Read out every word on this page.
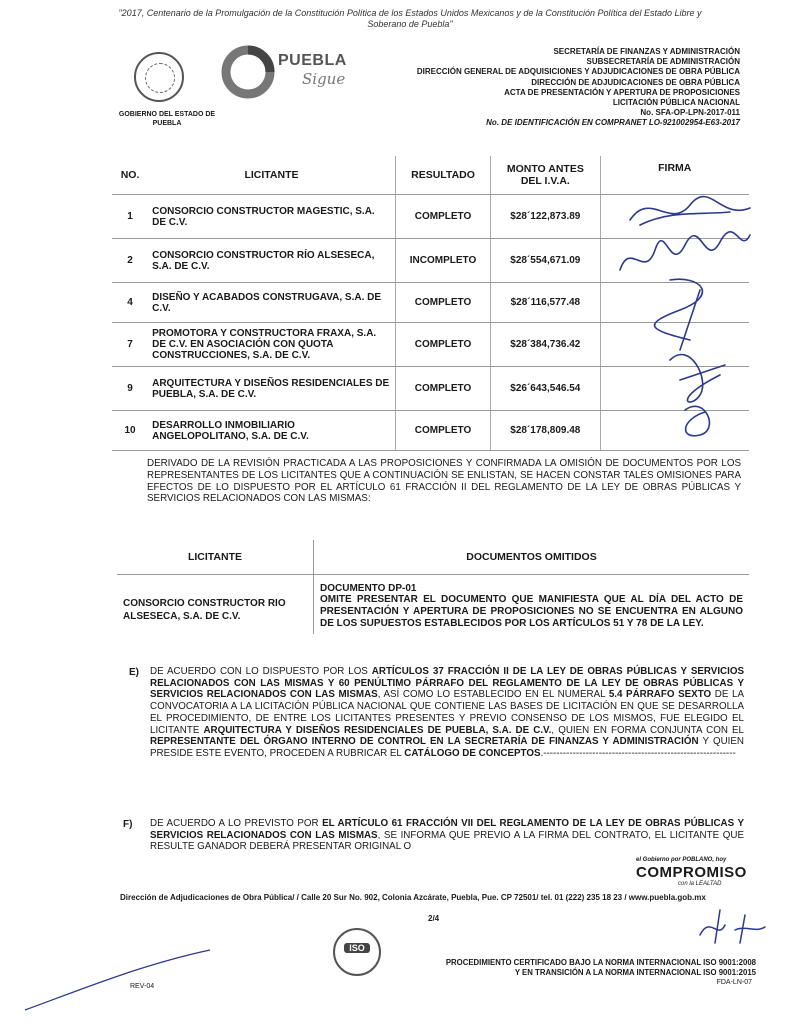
"2017, Centenario de la Promulgación de la Constitución Política de los Estados Unidos Mexicanos y de la Constitución Política del Estado Libre y Soberano de Puebla"
GOBIERNO DEL ESTADO DE PUEBLA
PUEBLA
Sigue
SECRETARÍA DE FINANZAS Y ADMINISTRACIÓN
SUBSECRETARÍA DE ADMINISTRACIÓN
DIRECCIÓN GENERAL DE ADQUISICIONES Y ADJUDICACIONES DE OBRA PÚBLICA
DIRECCIÓN DE ADJUDICACIONES DE OBRA PÚBLICA
ACTA DE PRESENTACIÓN Y APERTURA DE PROPOSICIONES
LICITACIÓN PÚBLICA NACIONAL
No. SFA-OP-LPN-2017-011
No. DE IDENTIFICACIÓN EN COMPRANET LO-921002954-E63-2017
NO.	LICITANTE	RESULTADO	MONTO ANTES DEL I.V.A.	FIRMA
1	CONSORCIO CONSTRUCTOR MAGESTIC, S.A. DE C.V.	COMPLETO	$28´122,873.89	
2	CONSORCIO CONSTRUCTOR RÍO ALSESECA, S.A. DE C.V.	INCOMPLETO	$28´554,671.09	
4	DISEÑO Y ACABADOS CONSTRUGAVA, S.A. DE C.V.	COMPLETO	$28´116,577.48	
7	PROMOTORA Y CONSTRUCTORA FRAXA, S.A. DE C.V. EN ASOCIACIÓN CON QUOTA CONSTRUCCIONES, S.A. DE C.V.	COMPLETO	$28´384,736.42	
9	ARQUITECTURA Y DISEÑOS RESIDENCIALES DE PUEBLA, S.A. DE C.V.	COMPLETO	$26´643,546.54	
10	DESARROLLO INMOBILIARIO ANGELOPOLITANO, S.A. DE C.V.	COMPLETO	$28´178,809.48	
DERIVADO DE LA REVISIÓN PRACTICADA A LAS PROPOSICIONES Y CONFIRMADA LA OMISIÓN DE DOCUMENTOS POR LOS REPRESENTANTES DE LOS LICITANTES QUE A CONTINUACIÓN SE ENLISTAN, SE HACEN CONSTAR TALES OMISIONES PARA EFECTOS DE LO DISPUESTO POR EL ARTÍCULO 61 FRACCIÓN II DEL REGLAMENTO DE LA LEY DE OBRAS PÚBLICAS Y SERVICIOS RELACIONADOS CON LAS MISMAS:
LICITANTE	DOCUMENTOS OMITIDOS
CONSORCIO CONSTRUCTOR RIO ALSESECA, S.A. DE C.V.	DOCUMENTO DP-01
OMITE PRESENTAR EL DOCUMENTO QUE MANIFIESTA QUE AL DÍA DEL ACTO DE PRESENTACIÓN Y APERTURA DE PROPOSICIONES NO SE ENCUENTRA EN ALGUNO DE LOS SUPUESTOS ESTABLECIDOS POR LOS ARTÍCULOS 51 Y 78 DE LA LEY.
E) DE ACUERDO CON LO DISPUESTO POR LOS ARTÍCULOS 37 FRACCIÓN II DE LA LEY DE OBRAS PÚBLICAS Y SERVICIOS RELACIONADOS CON LAS MISMAS Y 60 PENÚLTIMO PÁRRAFO DEL REGLAMENTO DE LA LEY DE OBRAS PÚBLICAS Y SERVICIOS RELACIONADOS CON LAS MISMAS, ASÍ COMO LO ESTABLECIDO EN EL NUMERAL 5.4 PÁRRAFO SEXTO DE LA CONVOCATORIA A LA LICITACIÓN PÚBLICA NACIONAL QUE CONTIENE LAS BASES DE LICITACIÓN EN QUE SE DESARROLLA EL PROCEDIMIENTO, DE ENTRE LOS LICITANTES PRESENTES Y PREVIO CONSENSO DE LOS MISMOS, FUE ELEGIDO EL LICITANTE ARQUITECTURA Y DISEÑOS RESIDENCIALES DE PUEBLA, S.A. DE C.V., QUIEN EN FORMA CONJUNTA CON EL REPRESENTANTE DEL ÓRGANO INTERNO DE CONTROL EN LA SECRETARÍA DE FINANZAS Y ADMINISTRACIÓN Y QUIEN PRESIDE ESTE EVENTO, PROCEDEN A RUBRICAR EL CATÁLOGO DE CONCEPTOS.-----------------------------------------------------------
F) DE ACUERDO A LO PREVISTO POR EL ARTÍCULO 61 FRACCIÓN VII DEL REGLAMENTO DE LA LEY DE OBRAS PÚBLICAS Y SERVICIOS RELACIONADOS CON LAS MISMAS, SE INFORMA QUE PREVIO A LA FIRMA DEL CONTRATO, EL LICITANTE QUE RESULTE GANADOR DEBERÁ PRESENTAR ORIGINAL O
el Gobierno por POBLANO, hoy
COMPROMISO
con la LEALTAD
Dirección de Adjudicaciones de Obra Pública/ / Calle 20 Sur No. 902, Colonia Azcárate, Puebla, Pue. CP 72501/ tel. 01 (222) 235 18 23 / www.puebla.gob.mx
2/4
ISO
PROCEDIMIENTO CERTIFICADO BAJO LA NORMA INTERNACIONAL ISO 9001:2008
Y EN TRANSICIÓN A LA NORMA INTERNACIONAL ISO 9001:2015
REV-04
FDA-LN-07
